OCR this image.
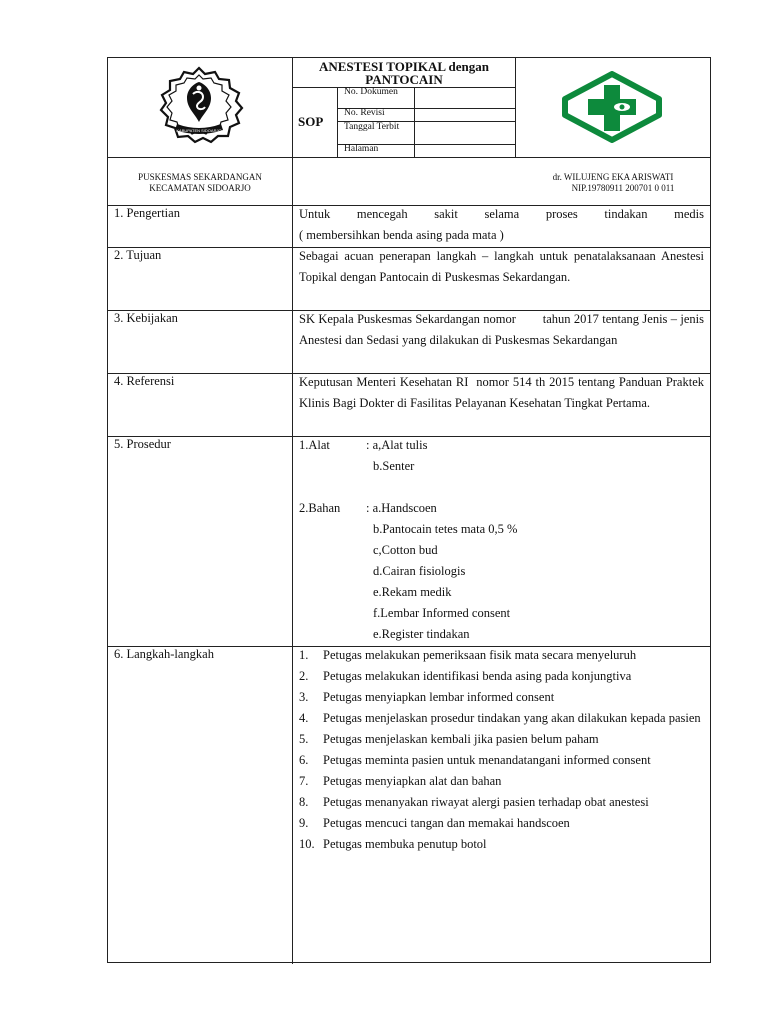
KABUPATEN SIDOARJO
ANESTESI TOPIKAL dengan PANTOCAIN
SOP
No. Dokumen
No. Revisi
Tanggal Terbit
Halaman
PUSKESMAS SEKARDANGAN
KECAMATAN SIDOARJO
dr. WILUJENG EKA ARISWATI
NIP.19780911 200701 0 011
1. Pengertian	Untuk mencegah sakit selama proses tindakan medis
( membersihkan benda asing pada mata )
2. Tujuan	Sebagai acuan penerapan langkah – langkah untuk penatalaksanaan Anestesi Topikal dengan Pantocain di Puskesmas Sekardangan.
3. Kebijakan	SK Kepala Puskesmas Sekardangan nomor        tahun 2017 tentang Jenis – jenis Anestesi dan Sedasi yang dilakukan di Puskesmas Sekardangan
4. Referensi	Keputusan Menteri Kesehatan RI  nomor 514 th 2015 tentang Panduan Praktek Klinis Bagi Dokter di Fasilitas Pelayanan Kesehatan Tingkat Pertama.
5. Prosedur	1.Alat	: a,Alat tulis
b.Senter
2.Bahan : a.Handscoen
b.Pantocain tetes mata 0,5 %
c,Cotton bud
d.Cairan fisiologis
e.Rekam medik
f.Lembar Informed consent
e.Register tindakan
6. Langkah-langkah	1. Petugas melakukan pemeriksaan fisik mata secara menyeluruh
2. Petugas melakukan identifikasi benda asing pada konjungtiva
3. Petugas menyiapkan lembar informed consent
4. Petugas menjelaskan prosedur tindakan yang akan dilakukan kepada pasien
5. Petugas menjelaskan kembali jika pasien belum paham
6. Petugas meminta pasien untuk menandatangani informed consent
7. Petugas menyiapkan alat dan bahan
8. Petugas menanyakan riwayat alergi pasien terhadap obat anestesi
9. Petugas mencuci tangan dan memakai handscoen
10. Petugas membuka penutup botol
